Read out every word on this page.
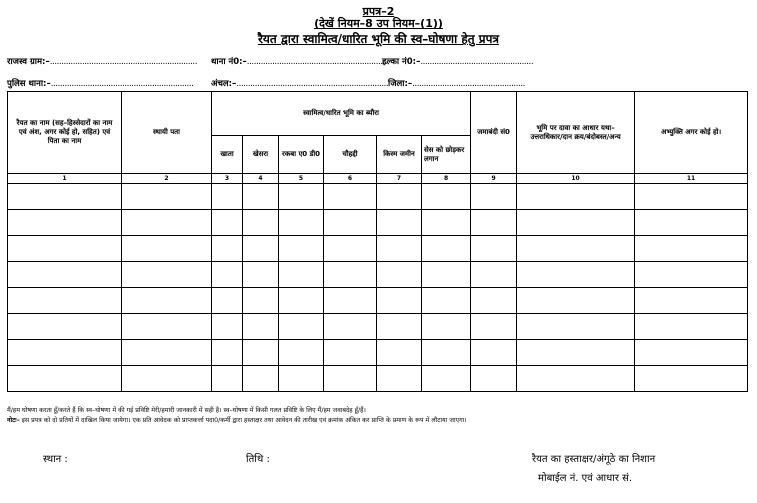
प्रपत्र–2
(देखें नियम–8 उप नियम–(1))
रैयत द्वारा स्वामित्व/धारित भूमि की स्व–घोषणा हेतु प्रपत्र
राजस्व ग्राम:–................................................................ थाना नं0:–.............................................................
हल्का नं0:–.................................................
पुलिस थाना:–.............................................................. अंचल:–.................................................................. जिला:–.................................................
रैयत का नाम (सह–हिस्सेदारों का नाम एवं अंश, अगर कोई हो, सहित) एवं पिता का नाम	स्थायी पता	स्वामित्व/धारित भूमि का ब्यौरा						जमाबंदी सं0	भूमि पर दावा का आधार यथा–उत्तराधिकार/दान क्रय/बंदोबस्त/अन्य	अभ्युक्ति अगर कोई हो।
		खाता	खेसरा	रकबा ए0 डी0	चौहद्दी	किस्म जमीन	सेस को छोड़कर लगान			
1	2	3	4	5	6	7	8	9	10	11

मैं/हम घोषणा करता हूँ/करते हैं कि स्व–घोषणा में की गई प्रविष्टि मेरी/हमारी जानकारी में सही है। स्व–घोषणा में किसी गलत प्रविष्टि के लिए मैं/हम जवाबदेह हूँ/हैं।
नोटः– इस प्रपत्र को दो प्रतियों में दाखिल किया जायेगा। एक प्रति आवेदक को प्राप्तकर्त्ता पदा0/कर्मी द्वारा हस्ताक्षर तथा आवेदन की तारीख एवं क्रमांक अंकित कर प्राप्ति के प्रमाण के रूप में लौटाया जाएगा।
स्थान :	तिथि :	रैयत का हस्ताक्षर/अंगूठे का निशान
मोबाईल नं. एवं आधार सं.
